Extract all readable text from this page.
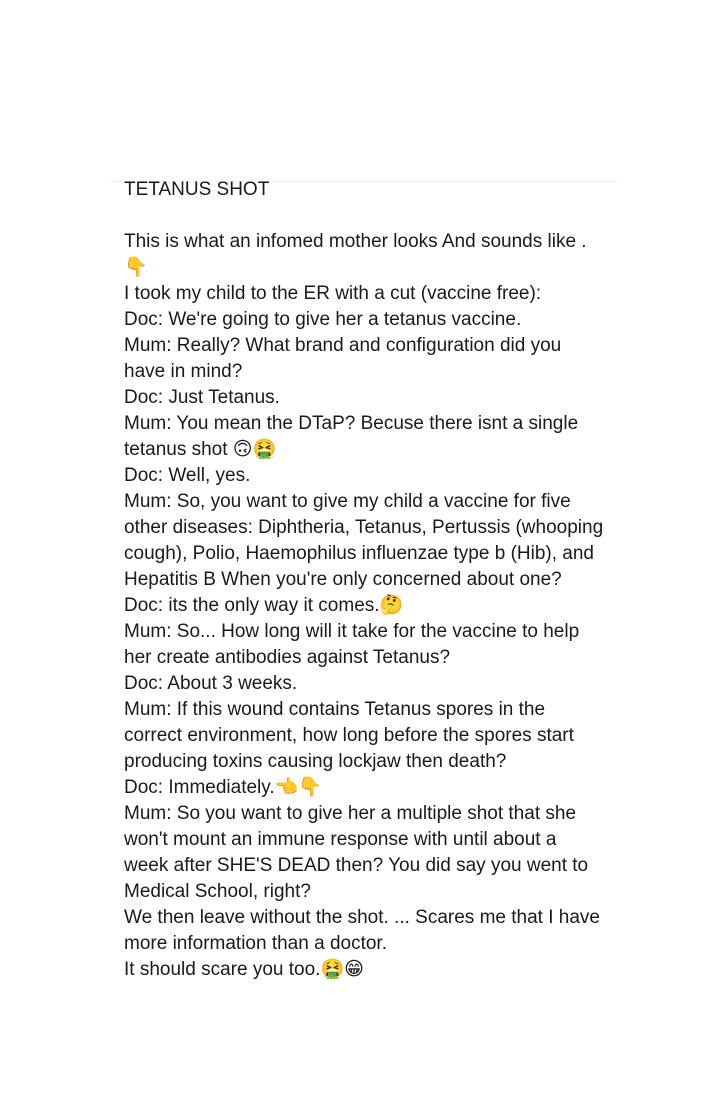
TETANUS SHOT

This is what an infomed mother looks And sounds like . 👇
I took my child to the ER with a cut (vaccine free):
Doc: We're going to give her a tetanus vaccine.
Mum: Really? What brand and configuration did you have in mind?
Doc: Just Tetanus.
Mum: You mean the DTaP? Becuse there isnt a single tetanus shot 🙃🤮
Doc: Well, yes.
Mum: So, you want to give my child a vaccine for five other diseases: Diphtheria, Tetanus, Pertussis (whooping cough), Polio, Haemophilus influenzae type b (Hib), and Hepatitis B When you're only concerned about one?
Doc: its the only way it comes.🤔
Mum: So... How long will it take for the vaccine to help her create antibodies against Tetanus?
Doc: About 3 weeks.
Mum: If this wound contains Tetanus spores in the correct environment, how long before the spores start producing toxins causing lockjaw then death?
Doc: Immediately.👈👇
Mum: So you want to give her a multiple shot that she won't mount an immune response with until about a week after SHE'S DEAD then? You did say you went to Medical School, right?
We then leave without the shot. ... Scares me that I have more information than a doctor.
It should scare you too.🤮😁
